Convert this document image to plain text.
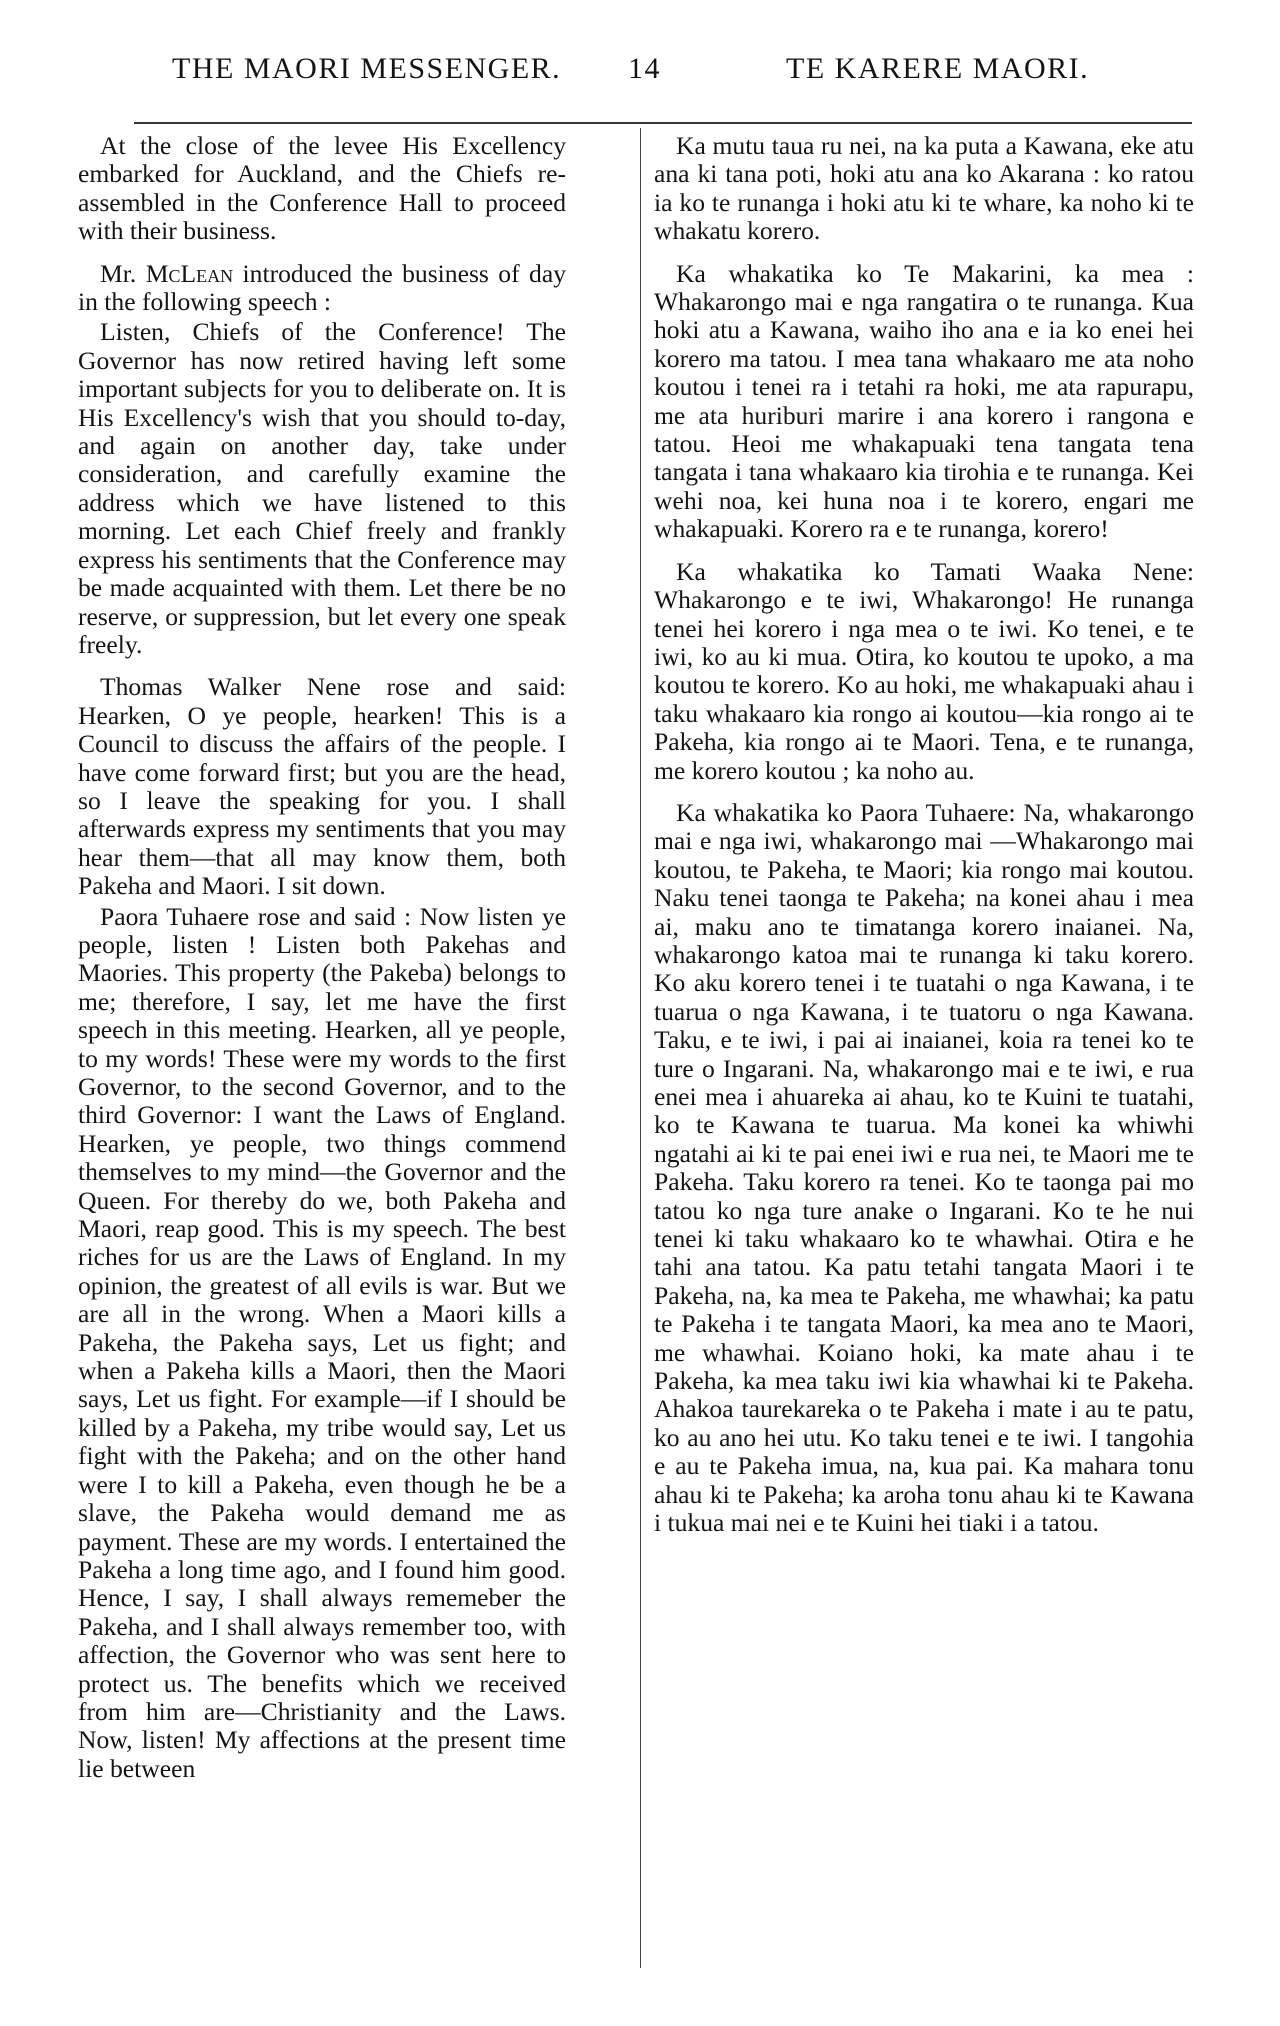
THE MAORI MESSENGER. 14	TE KARERE MAORI.

At the close of the levee His Excellency embarked for Auckland, and the Chiefs re-assembled in the Conference Hall to proceed with their business.

Mr. McLean introduced the business of day in the following speech :

Listen, Chiefs of the Conference! The Governor has now retired having left some important subjects for you to deliberate on. It is His Excellency's wish that you should to-day, and again on another day, take under consideration, and carefully examine the address which we have listened to this morning. Let each Chief freely and frankly express his sentiments that the Conference may be made acquainted with them. Let there be no reserve, or suppression, but let every one speak freely.

Thomas Walker Nene rose and said: Hearken, O ye people, hearken! This is a Council to discuss the affairs of the people. I have come forward first; but you are the head, so I leave the speaking for you. I shall afterwards express my sentiments that you may hear them—that all may know them, both Pakeha and Maori. I sit down.

Paora Tuhaere rose and said : Now listen ye people, listen ! Listen both Pakehas and Maories. This property (the Pakeba) belongs to me; therefore, I say, let me have the first speech in this meeting. Hearken, all ye people, to my words! These were my words to the first Governor, to the second Governor, and to the third Governor: I want the Laws of England. Hearken, ye people, two things commend themselves to my mind—the Governor and the Queen. For thereby do we, both Pakeha and Maori, reap good. This is my speech. The best riches for us are the Laws of England. In my opinion, the greatest of all evils is war. But we are all in the wrong. When a Maori kills a Pakeha, the Pakeha says, Let us fight; and when a Pakeha kills a Maori, then the Maori says, Let us fight. For example—if I should be killed by a Pakeha, my tribe would say, Let us fight with the Pakeha; and on the other hand were I to kill a Pakeha, even though he be a slave, the Pakeha would demand me as payment. These are my words. I entertained the Pakeha a long time ago, and I found him good. Hence, I say, I shall always rememeber the Pakeha, and I shall always remember too, with affection, the Governor who was sent here to protect us. The benefits which we received from him are—Christianity and the Laws. Now, listen! My affections at the present time lie between

Ka mutu taua ru nei, na ka puta a Kawana, eke atu ana ki tana poti, hoki atu ana ko Akarana : ko ratou ia ko te runanga i hoki atu ki te whare, ka noho ki te whakatu korero.

Ka whakatika ko Te Makarini, ka mea : Whakarongo mai e nga rangatira o te runanga. Kua hoki atu a Kawana, waiho iho ana e ia ko enei hei korero ma tatou. I mea tana whakaaro me ata noho koutou i tenei ra i tetahi ra hoki, me ata rapurapu, me ata huriburi marire i ana korero i rangona e tatou. Heoi me whakapuaki tena tangata tena tangata i tana whakaaro kia tirohia e te runanga. Kei wehi noa, kei huna noa i te korero, engari me whakapuaki. Korero ra e te runanga, korero!

Ka whakatika ko Tamati Waaka Nene: Whakarongo e te iwi, Whakarongo! He runanga tenei hei korero i nga mea o te iwi. Ko tenei, e te iwi, ko au ki mua. Otira, ko koutou te upoko, a ma koutou te korero. Ko au hoki, me whakapuaki ahau i taku whakaaro kia rongo ai koutou—kia rongo ai te Pakeha, kia rongo ai te Maori. Tena, e te runanga, me korero koutou ; ka noho au.

Ka whakatika ko Paora Tuhaere: Na, whakarongo mai e nga iwi, whakarongo mai —Whakarongo mai koutou, te Pakeha, te Maori; kia rongo mai koutou. Naku tenei taonga te Pakeha; na konei ahau i mea ai, maku ano te timatanga korero inaianei. Na, whakarongo katoa mai te runanga ki taku korero. Ko aku korero tenei i te tuatahi o nga Kawana, i te tuarua o nga Kawana, i te tuatoru o nga Kawana. Taku, e te iwi, i pai ai inaianei, koia ra tenei ko te ture o Ingarani. Na, whakarongo mai e te iwi, e rua enei mea i ahuareka ai ahau, ko te Kuini te tuatahi, ko te Kawana te tuarua. Ma konei ka whiwhi ngatahi ai ki te pai enei iwi e rua nei, te Maori me te Pakeha. Taku korero ra tenei. Ko te taonga pai mo tatou ko nga ture anake o Ingarani. Ko te he nui tenei ki taku whakaaro ko te whawhai. Otira e he tahi ana tatou. Ka patu tetahi tangata Maori i te Pakeha, na, ka mea te Pakeha, me whawhai; ka patu te Pakeha i te tangata Maori, ka mea ano te Maori, me whawhai. Koiano hoki, ka mate ahau i te Pakeha, ka mea taku iwi kia whawhai ki te Pakeha. Ahakoa taurekareka o te Pakeha i mate i au te patu, ko au ano hei utu. Ko taku tenei e te iwi. I tangohia e au te Pakeha imua, na, kua pai. Ka mahara tonu ahau ki te Pakeha; ka aroha tonu ahau ki te Kawana i tukua mai nei e te Kuini hei tiaki i a tatou.
